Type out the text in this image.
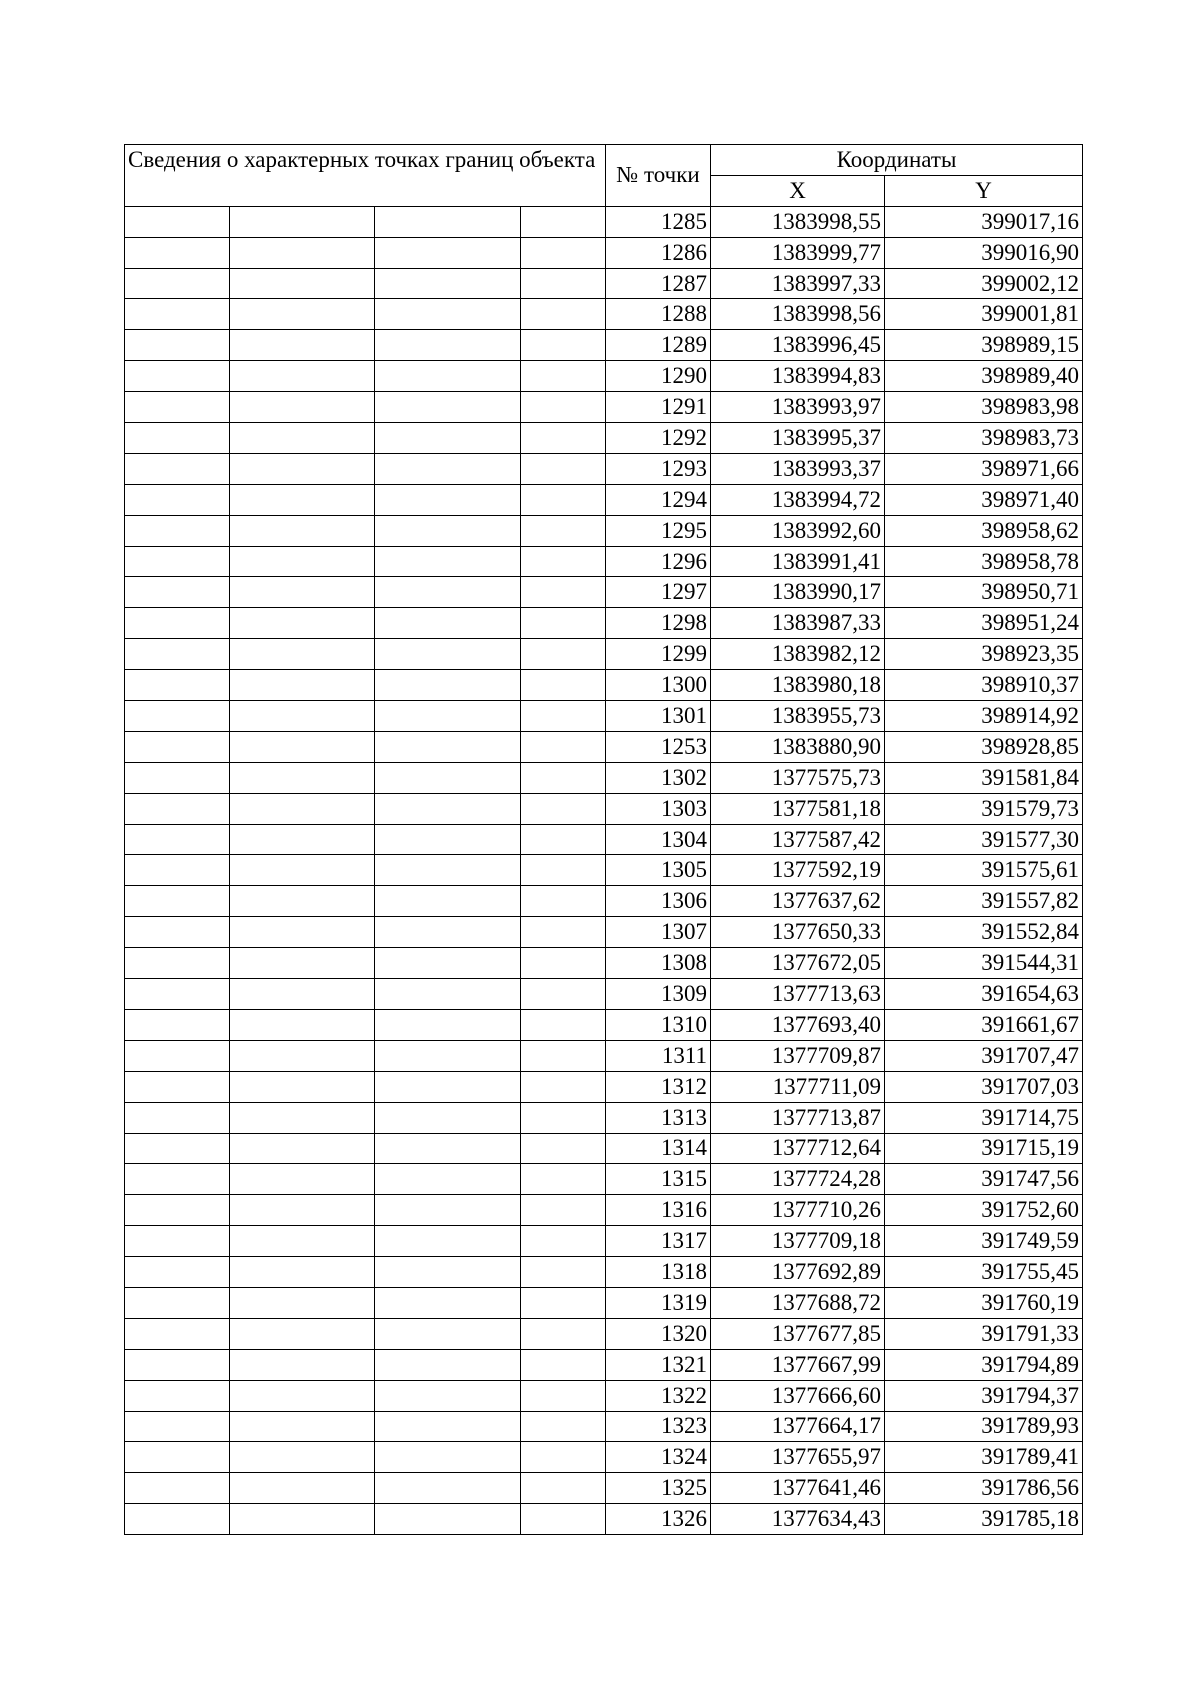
Сведения о характерных точках границ объекта				№ точки	Координаты	
					X	Y
				1285	1383998,55	399017,16
				1286	1383999,77	399016,90
				1287	1383997,33	399002,12
				1288	1383998,56	399001,81
				1289	1383996,45	398989,15
				1290	1383994,83	398989,40
				1291	1383993,97	398983,98
				1292	1383995,37	398983,73
				1293	1383993,37	398971,66
				1294	1383994,72	398971,40
				1295	1383992,60	398958,62
				1296	1383991,41	398958,78
				1297	1383990,17	398950,71
				1298	1383987,33	398951,24
				1299	1383982,12	398923,35
				1300	1383980,18	398910,37
				1301	1383955,73	398914,92
				1253	1383880,90	398928,85
				1302	1377575,73	391581,84
				1303	1377581,18	391579,73
				1304	1377587,42	391577,30
				1305	1377592,19	391575,61
				1306	1377637,62	391557,82
				1307	1377650,33	391552,84
				1308	1377672,05	391544,31
				1309	1377713,63	391654,63
				1310	1377693,40	391661,67
				1311	1377709,87	391707,47
				1312	1377711,09	391707,03
				1313	1377713,87	391714,75
				1314	1377712,64	391715,19
				1315	1377724,28	391747,56
				1316	1377710,26	391752,60
				1317	1377709,18	391749,59
				1318	1377692,89	391755,45
				1319	1377688,72	391760,19
				1320	1377677,85	391791,33
				1321	1377667,99	391794,89
				1322	1377666,60	391794,37
				1323	1377664,17	391789,93
				1324	1377655,97	391789,41
				1325	1377641,46	391786,56
				1326	1377634,43	391785,18
